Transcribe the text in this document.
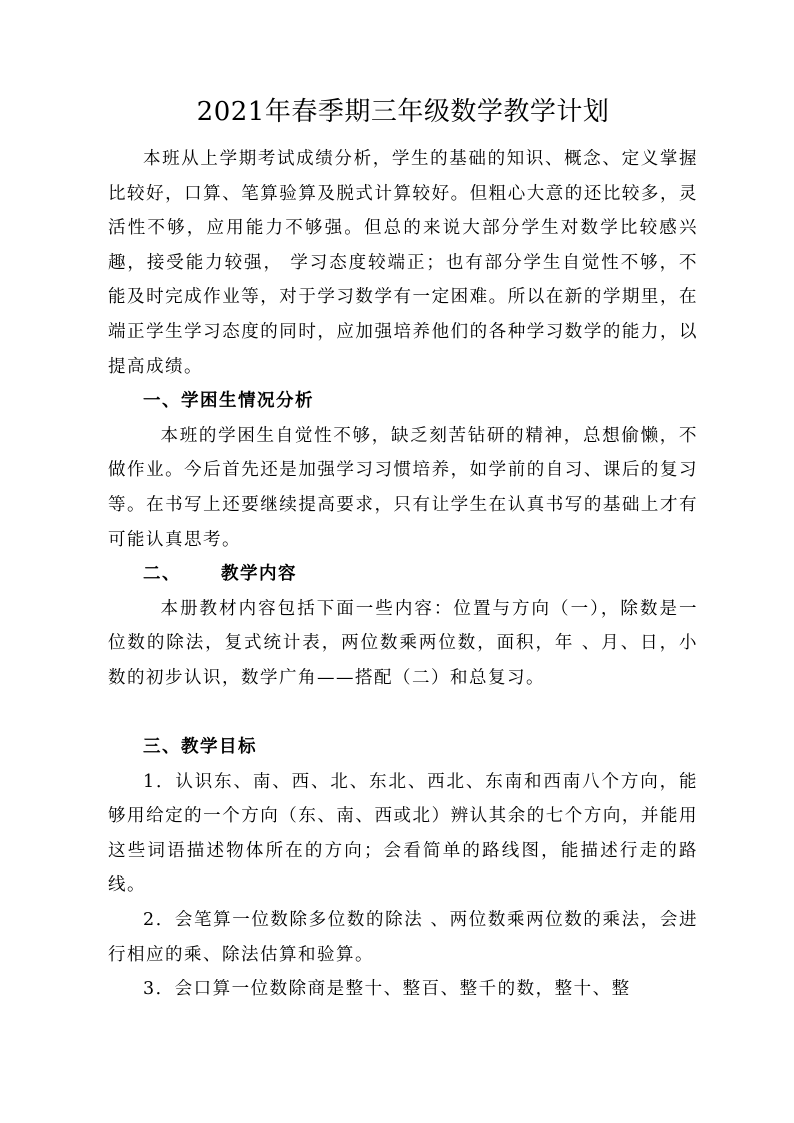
2021年春季期三年级数学教学计划

本班从上学期考试成绩分析，学生的基础的知识、概念、定义掌握比较好，口算、笔算验算及脱式计算较好。但粗心大意的还比较多，灵活性不够，应用能力不够强。但总的来说大部分学生对数学比较感兴趣，接受能力较强， 学习态度较端正；也有部分学生自觉性不够，不能及时完成作业等，对于学习数学有一定困难。所以在新的学期里，在端正学生学习态度的同时，应加强培养他们的各种学习数学的能力，以提高成绩。

一、学困生情况分析

本班的学困生自觉性不够，缺乏刻苦钻研的精神，总想偷懒，不做作业。今后首先还是加强学习习惯培养，如学前的自习、课后的复习等。在书写上还要继续提高要求，只有让学生在认真书写的基础上才有可能认真思考。

二、 教学内容

本册教材内容包括下面一些内容：位置与方向（一），除数是一位数的除法，复式统计表，两位数乘两位数，面积，年 、月、日，小数的初步认识，数学广角——搭配（二）和总复习。

三、教学目标

1．认识东、南、西、北、东北、西北、东南和西南八个方向，能够用给定的一个方向（东、南、西或北）辨认其余的七个方向，并能用这些词语描述物体所在的方向；会看简单的路线图，能描述行走的路线。

2．会笔算一位数除多位数的除法 、两位数乘两位数的乘法，会进行相应的乘、除法估算和验算。

3．会口算一位数除商是整十、整百、整千的数，整十、整
